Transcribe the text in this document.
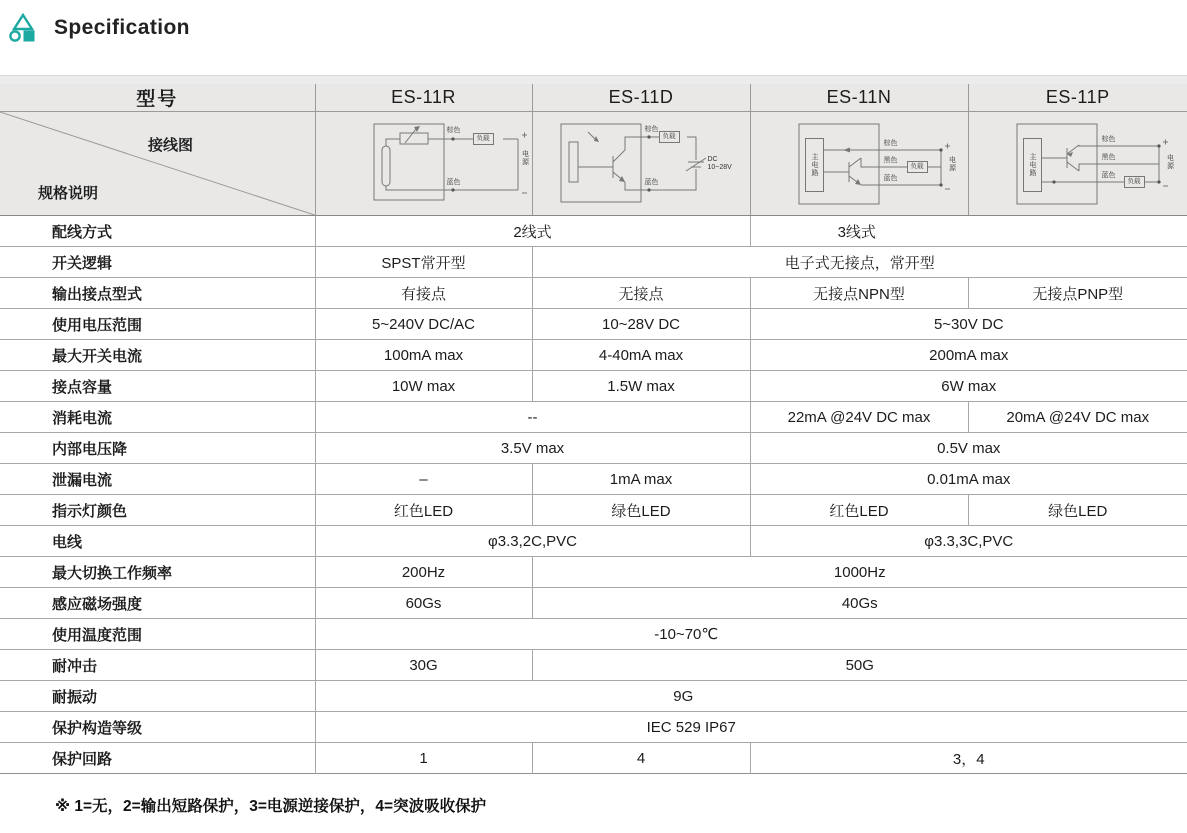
Specification

型号	ES-11R	ES-11D	ES-11N	ES-11P

接线图
规格说明

棕色
负载
蓝色
电源

棕色
负载
蓝色
DC
10~28V	主电路
棕色
黑色
负载
蓝色
电源	主电路
棕色
黑色
蓝色
负载
电源

配线方式	2线式		3线式	
开关逻辑	SPST常开型	电子式无接点，常开型		
输出接点型式	有接点	无接点	无接点NPN型	无接点PNP型
使用电压范围	5~240V DC/AC	10~28V DC	5~30V DC	
最大开关电流	100mA max	4-40mA max	200mA max	
接点容量	10W max	1.5W max	6W max	
消耗电流	--		22mA @24V DC max	20mA @24V DC max
内部电压降	3.5V max		0.5V max	
泄漏电流	–	1mA max	0.01mA max	
指示灯颜色	红色LED	绿色LED	红色LED	绿色LED
电线	φ3.3,2C,PVC		φ3.3,3C,PVC	
最大切换工作频率	200Hz	1000Hz		
感应磁场强度	60Gs	40Gs		
使用温度范围	-10~70℃			
耐冲击	30G	50G		
耐振动	9G			
保护构造等级	IEC 529 IP67			
保护回路	1	4	3，4	

※ 1=无，2=输出短路保护，3=电源逆接保护，4=突波吸收保护
